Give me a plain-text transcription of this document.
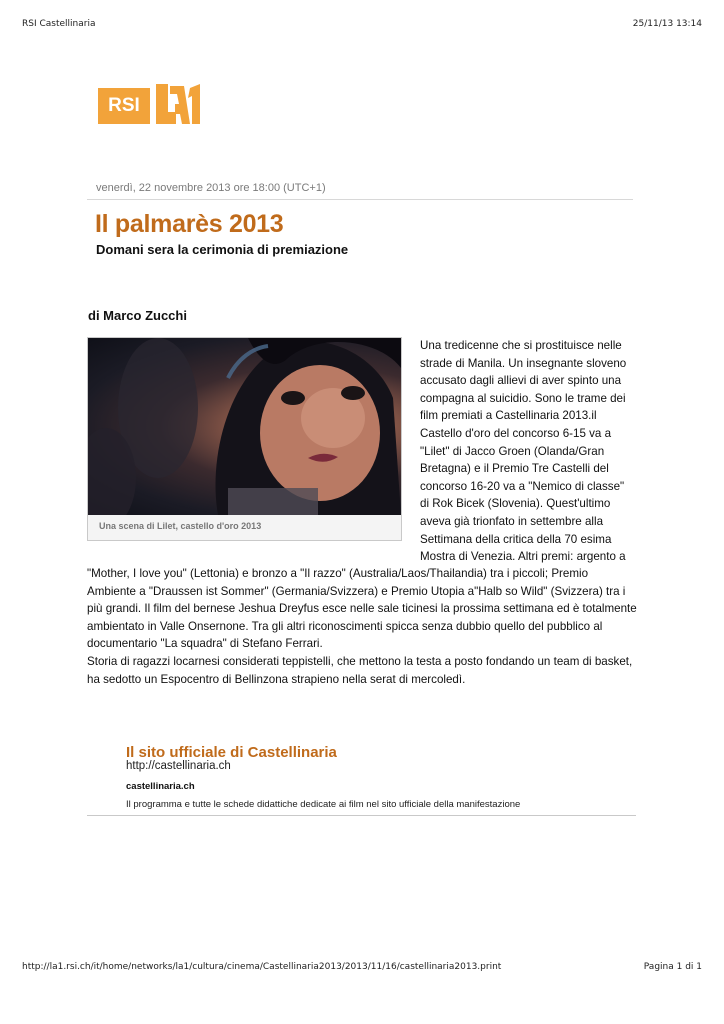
RSI Castellinaria	25/11/13 13:14
RSI
venerdì, 22 novembre 2013 ore 18:00 (UTC+1)
Il palmarès 2013
Domani sera la cerimonia di premiazione
di Marco Zucchi
Una scena di Lilet, castello d'oro 2013

Una tredicenne che si prostituisce nelle strade di Manila. Un insegnante sloveno accusato dagli allievi di aver spinto una compagna al suicidio. Sono le trame dei film premiati a Castellinaria 2013.il Castello d'oro del concorso 6-15 va a "Lilet" di Jacco Groen (Olanda/Gran Bretagna) e il Premio Tre Castelli del concorso 16-20 va a "Nemico di classe" di Rok Bicek (Slovenia). Quest'ultimo aveva già trionfato in settembre alla Settimana della critica della 70 esima Mostra di Venezia. Altri premi: argento a

"Mother, I love you" (Lettonia) e bronzo a "Il razzo" (Australia/Laos/Thailandia) tra i piccoli; Premio Ambiente a "Draussen ist Sommer" (Germania/Svizzera) e Premio Utopia a"Halb so Wild" (Svizzera) tra i più grandi. Il film del bernese Jeshua Dreyfus esce nelle sale ticinesi la prossima settimana ed è totalmente ambientato in Valle Onsernone. Tra gli altri riconoscimenti spicca senza dubbio quello del pubblico al documentario "La squadra" di Stefano Ferrari.

Storia di ragazzi locarnesi considerati teppistelli, che mettono la testa a posto fondando un team di basket, ha sedotto un Espocentro di Bellinzona strapieno nella serat di mercoledì.

Il sito ufficiale di Castellinaria
http://castellinaria.ch
castellinaria.ch
Il programma e tutte le schede didattiche dedicate ai film nel sito ufficiale della manifestazione
http://la1.rsi.ch/it/home/networks/la1/cultura/cinema/Castellinaria2013/2013/11/16/castellinaria2013.print	Pagina 1 di 1
